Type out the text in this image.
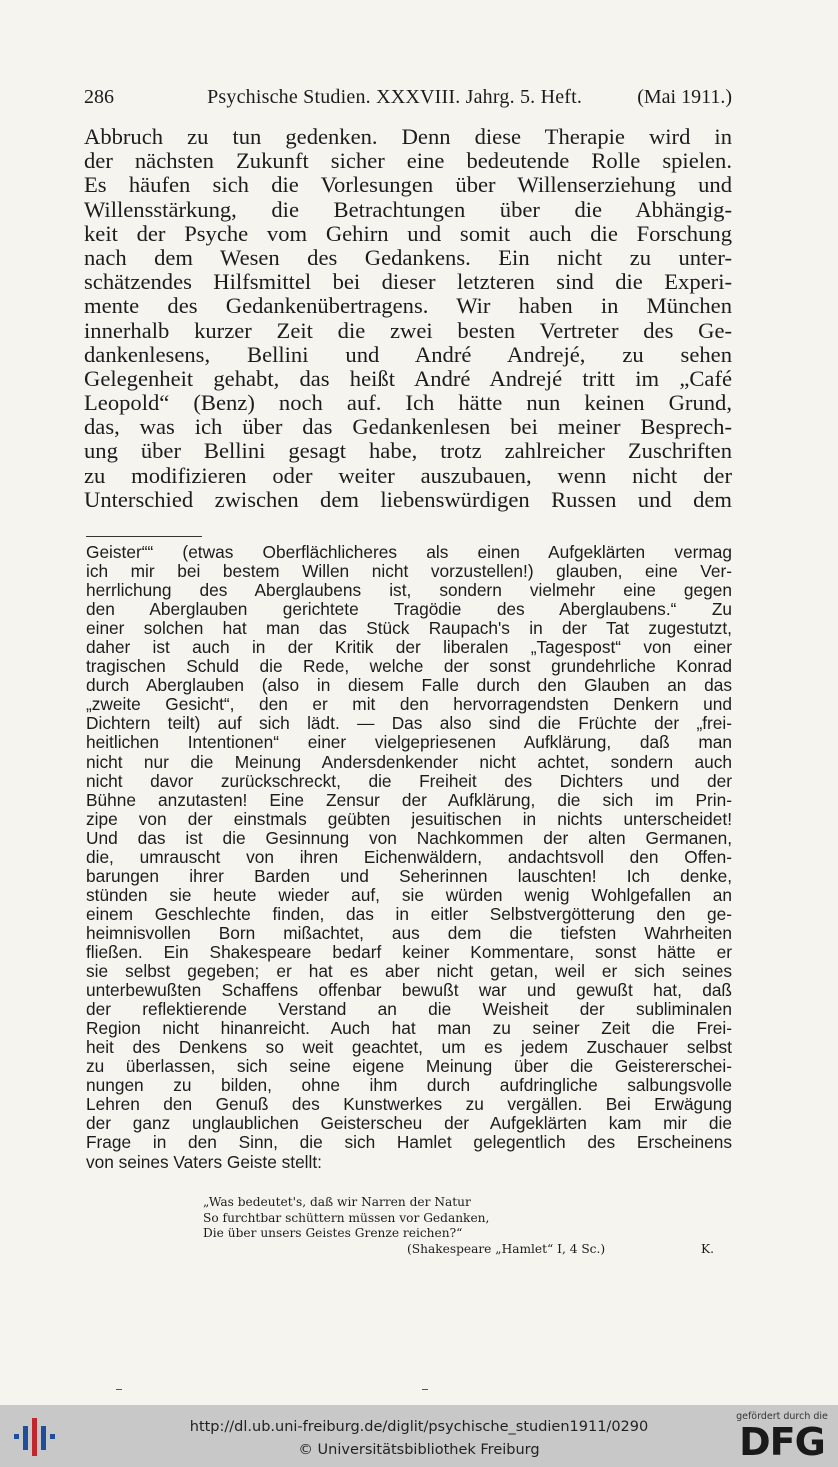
286	Psychische Studien. XXXVIII. Jahrg. 5. Heft.	(Mai 1911.)
Abbruch zu tun gedenken. Denn diese Therapie wird in
der nächsten Zukunft sicher eine bedeutende Rolle spielen.
Es häufen sich die Vorlesungen über Willenserziehung und
Willensstärkung, die Betrachtungen über die Abhängig-
keit der Psyche vom Gehirn und somit auch die Forschung
nach dem Wesen des Gedankens. Ein nicht zu unter-
schätzendes Hilfsmittel bei dieser letzteren sind die Experi-
mente des Gedankenübertragens. Wir haben in München
innerhalb kurzer Zeit die zwei besten Vertreter des Ge-
dankenlesens, Bellini und André Andrejé, zu sehen
Gelegenheit gehabt, das heißt André Andrejé tritt im „Café
Leopold“ (Benz) noch auf. Ich hätte nun keinen Grund,
das, was ich über das Gedankenlesen bei meiner Besprech-
ung über Bellini gesagt habe, trotz zahlreicher Zuschriften
zu modifizieren oder weiter auszubauen, wenn nicht der
Unterschied zwischen dem liebenswürdigen Russen und dem
Geister““ (etwas Oberflächlicheres als einen Aufgeklärten vermag
ich mir bei bestem Willen nicht vorzustellen!) glauben, eine Ver-
herrlichung des Aberglaubens ist, sondern vielmehr eine gegen
den Aberglauben gerichtete Tragödie des Aberglaubens.“ Zu
einer solchen hat man das Stück Raupach's in der Tat zugestutzt,
daher ist auch in der Kritik der liberalen „Tagespost“ von einer
tragischen Schuld die Rede, welche der sonst grundehrliche Konrad
durch Aberglauben (also in diesem Falle durch den Glauben an das
„zweite Gesicht“, den er mit den hervorragendsten Denkern und
Dichtern teilt) auf sich lädt. — Das also sind die Früchte der „frei-
heitlichen Intentionen“ einer vielgepriesenen Aufklärung, daß man
nicht nur die Meinung Andersdenkender nicht achtet, sondern auch
nicht davor zurückschreckt, die Freiheit des Dichters und der
Bühne anzutasten! Eine Zensur der Aufklärung, die sich im Prin-
zipe von der einstmals geübten jesuitischen in nichts unterscheidet!
Und das ist die Gesinnung von Nachkommen der alten Germanen,
die, umrauscht von ihren Eichenwäldern, andachtsvoll den Offen-
barungen ihrer Barden und Seherinnen lauschten! Ich denke,
stünden sie heute wieder auf, sie würden wenig Wohlgefallen an
einem Geschlechte finden, das in eitler Selbstvergötterung den ge-
heimnisvollen Born mißachtet, aus dem die tiefsten Wahrheiten
fließen. Ein Shakespeare bedarf keiner Kommentare, sonst hätte er
sie selbst gegeben; er hat es aber nicht getan, weil er sich seines
unterbewußten Schaffens offenbar bewußt war und gewußt hat, daß
der reflektierende Verstand an die Weisheit der subliminalen
Region nicht hinanreicht. Auch hat man zu seiner Zeit die Frei-
heit des Denkens so weit geachtet, um es jedem Zuschauer selbst
zu überlassen, sich seine eigene Meinung über die Geistererschei-
nungen zu bilden, ohne ihm durch aufdringliche salbungsvolle
Lehren den Genuß des Kunstwerkes zu vergällen. Bei Erwägung
der ganz unglaublichen Geisterscheu der Aufgeklärten kam mir die
Frage in den Sinn, die sich Hamlet gelegentlich des Erscheinens
von seines Vaters Geiste stellt:
„Was bedeutet's, daß wir Narren der Natur
So furchtbar schüttern müssen vor Gedanken,
Die über unsers Geistes Grenze reichen?“
(Shakespeare „Hamlet“ I, 4 Sc.)	K.
http://dl.ub.uni-freiburg.de/diglit/psychische_studien1911/0290
© Universitätsbibliothek Freiburg
gefördert durch die
DFG
